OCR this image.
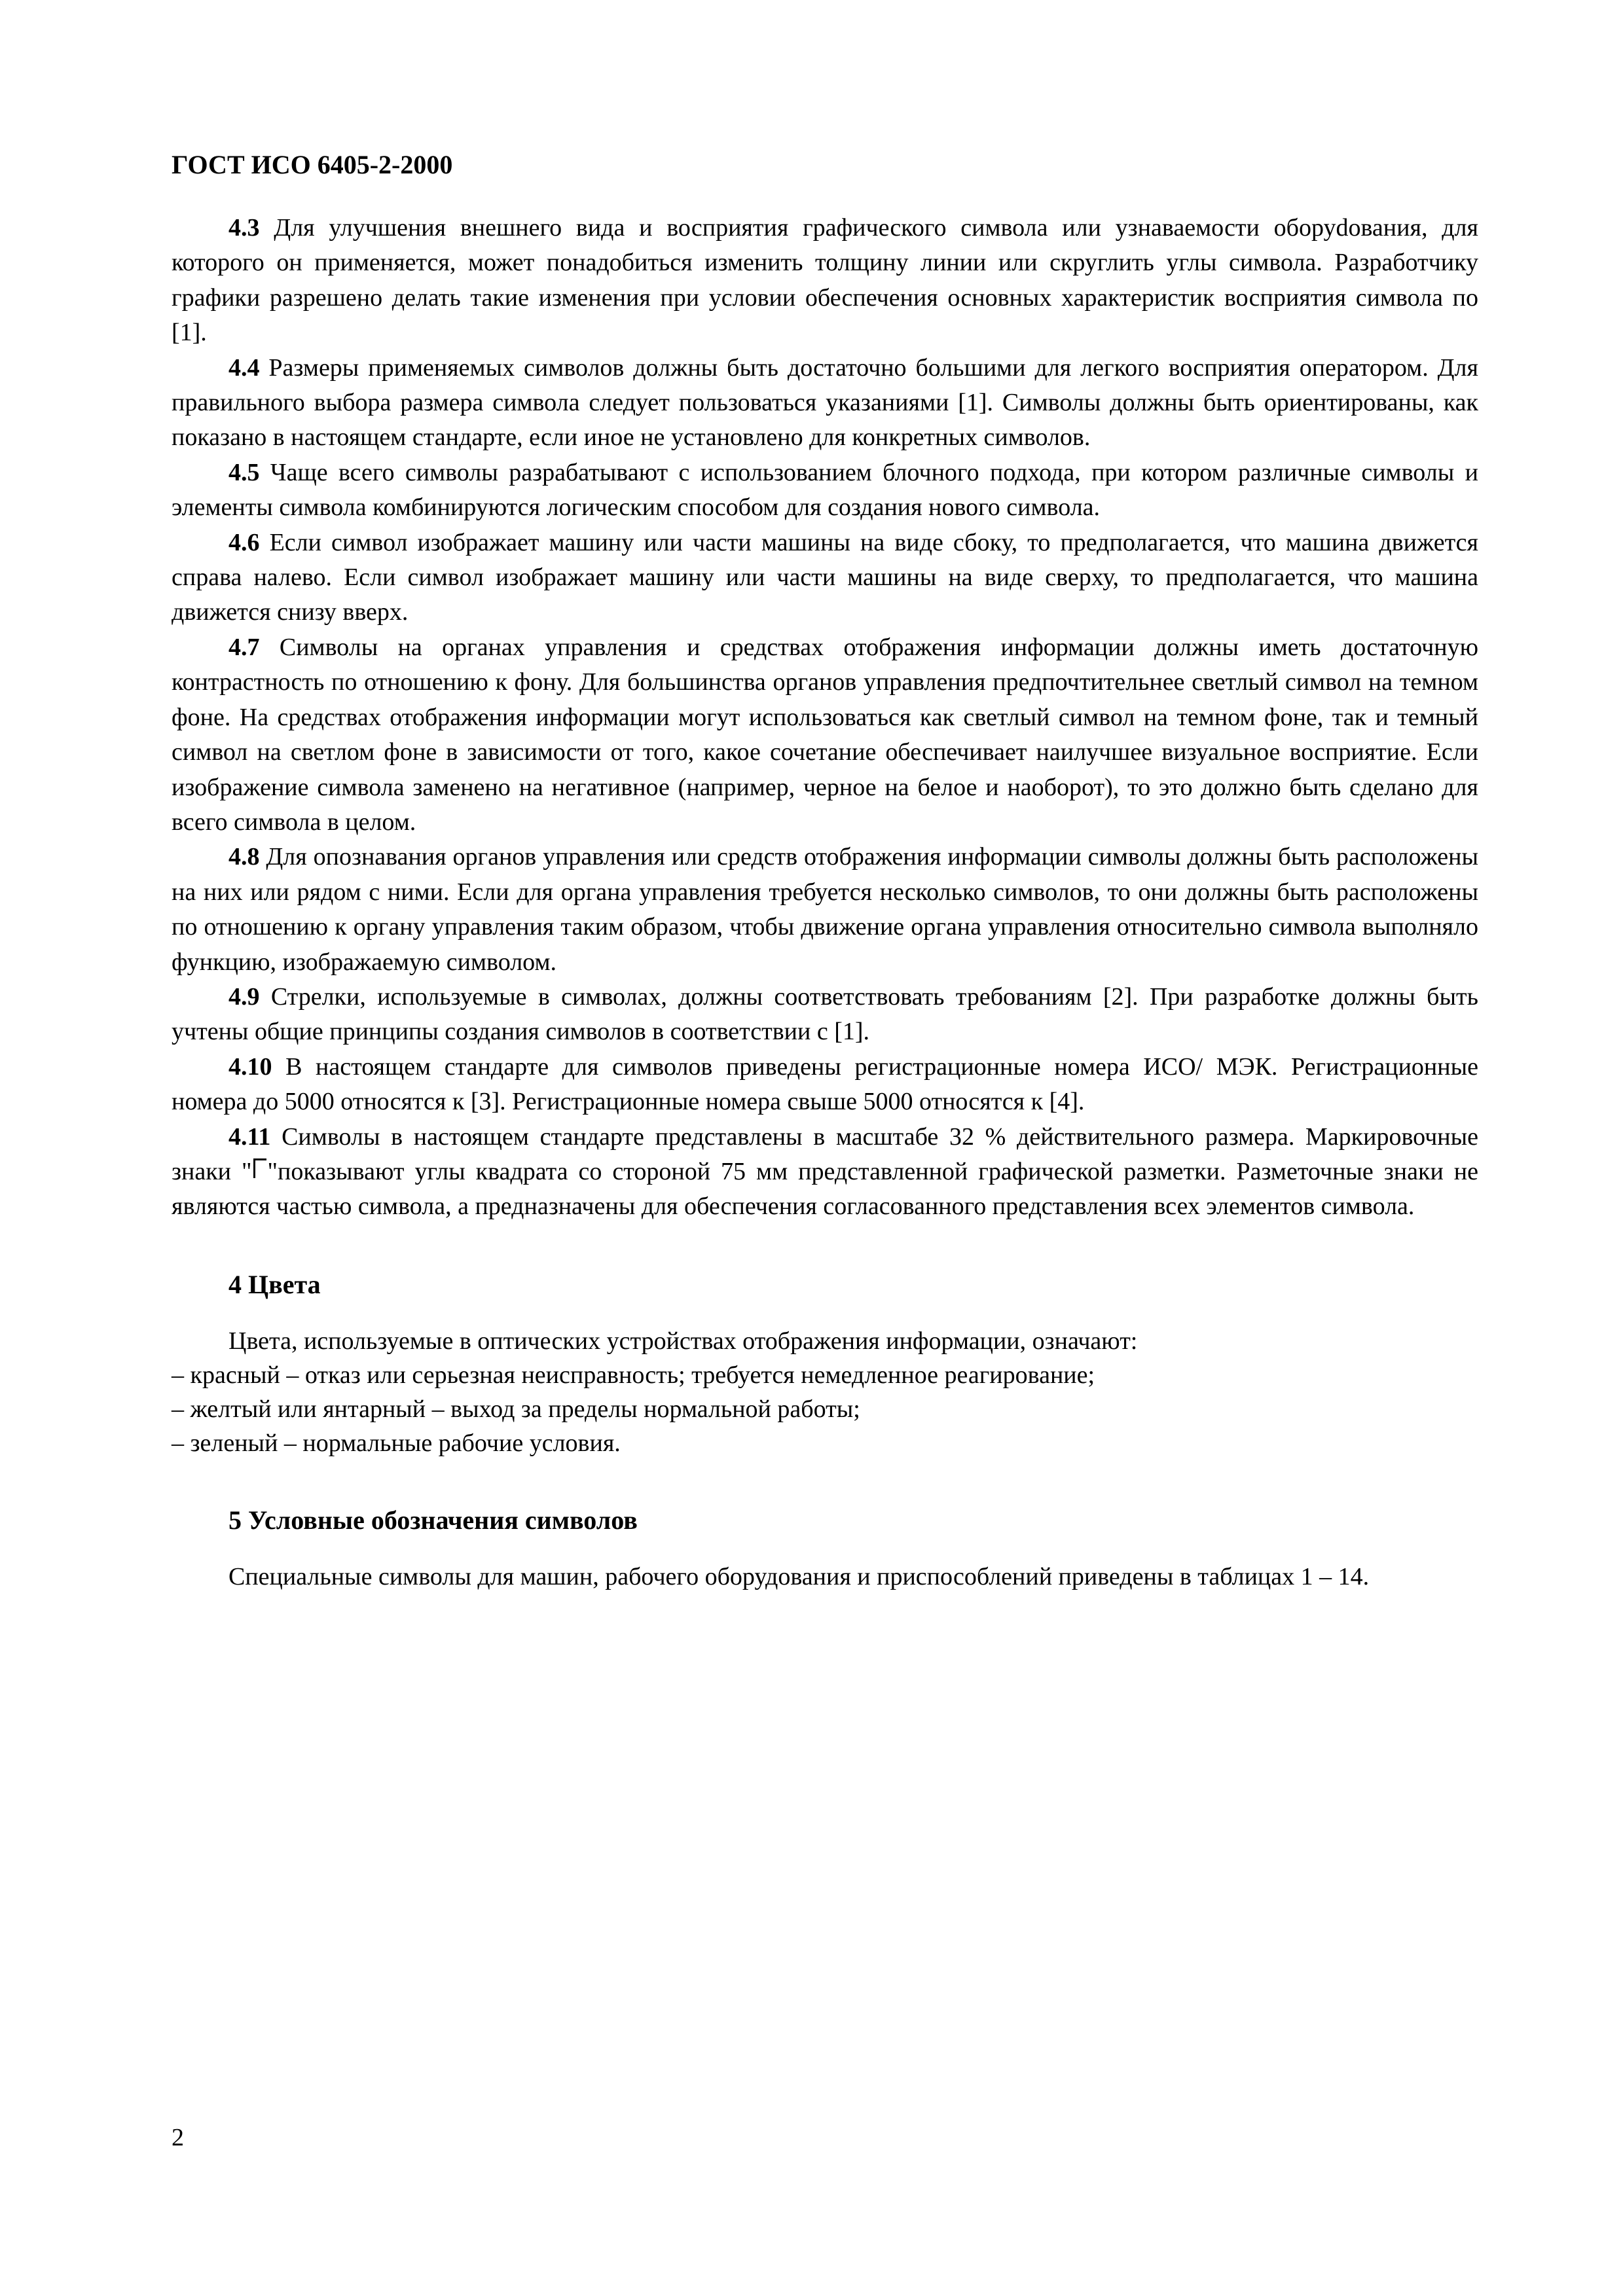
ГОСТ ИСО 6405-2-2000

4.3 Для улучшения внешнего вида и восприятия графического символа или узнаваемости оборуdования, для которого он применяется, может понадобиться изменить толщину линии или скруглить углы символа. Разработчику графики разрешено делать такие изменения при условии обеспечения основных характеристик восприятия символа по [1].

4.4 Размеры применяемых символов должны быть достаточно большими для легкого восприятия оператором. Для правильного выбора размера символа следует пользоваться указаниями [1]. Символы должны быть ориентированы, как показано в настоящем стандарте, если иное не установлено для конкретных символов.

4.5 Чаще всего символы разрабатывают с использованием блочного подхода, при котором различные символы и элементы символа комбинируются логическим способом для создания нового символа.

4.6 Если символ изображает машину или части машины на виде сбоку, то предполагается, что машина движется справа налево. Если символ изображает машину или части машины на виде сверху, то предполагается, что машина движется снизу вверх.

4.7 Символы на органах управления и средствах отображения информации должны иметь достаточную контрастность по отношению к фону. Для большинства органов управления предпочтительнее светлый символ на темном фоне. На средствах отображения информации могут использоваться как светлый символ на темном фоне, так и темный символ на светлом фоне в зависимости от того, какое сочетание обеспечивает наилучшее визуальное восприятие. Если изображение символа заменено на негативное (например, черное на белое и наоборот), то это должно быть сделано для всего символа в целом.

4.8 Для опознавания органов управления или средств отображения информации символы должны быть расположены на них или рядом с ними. Если для органа управления требуется несколько символов, то они должны быть расположены по отношению к органу управления таким образом, чтобы движение органа управления относительно символа выполняло функцию, изображаемую символом.

4.9 Стрелки, используемые в символах, должны соответствовать требованиям [2]. При разработке должны быть учтены общие принципы создания символов в соответствии с [1].

4.10 В настоящем стандарте для символов приведены регистрационные номера ИСО/ МЭК. Регистрационные номера до 5000 относятся к [3]. Регистрационные номера свыше 5000 относятся к [4].

4.11 Символы в настоящем стандарте представлены в масштабе 32 % действительного размера. Маркировочные знаки " "показывают углы квадрата со стороной 75 мм представленной графической разметки. Разметочные знаки не являются частью символа, а предназначены для обеспечения согласованного представления всех элементов символа.

4 Цвета

Цвета, используемые в оптических устройствах отображения информации, означают:

– красный – отказ или серьезная неисправность; требуется немедленное реагирование;

– желтый или янтарный – выход за пределы нормальной работы;

– зеленый – нормальные рабочие условия.

5 Условные обозначения символов

Специальные символы для машин, рабочего оборудования и приспособлений приведены в таблицах 1 – 14.

2
